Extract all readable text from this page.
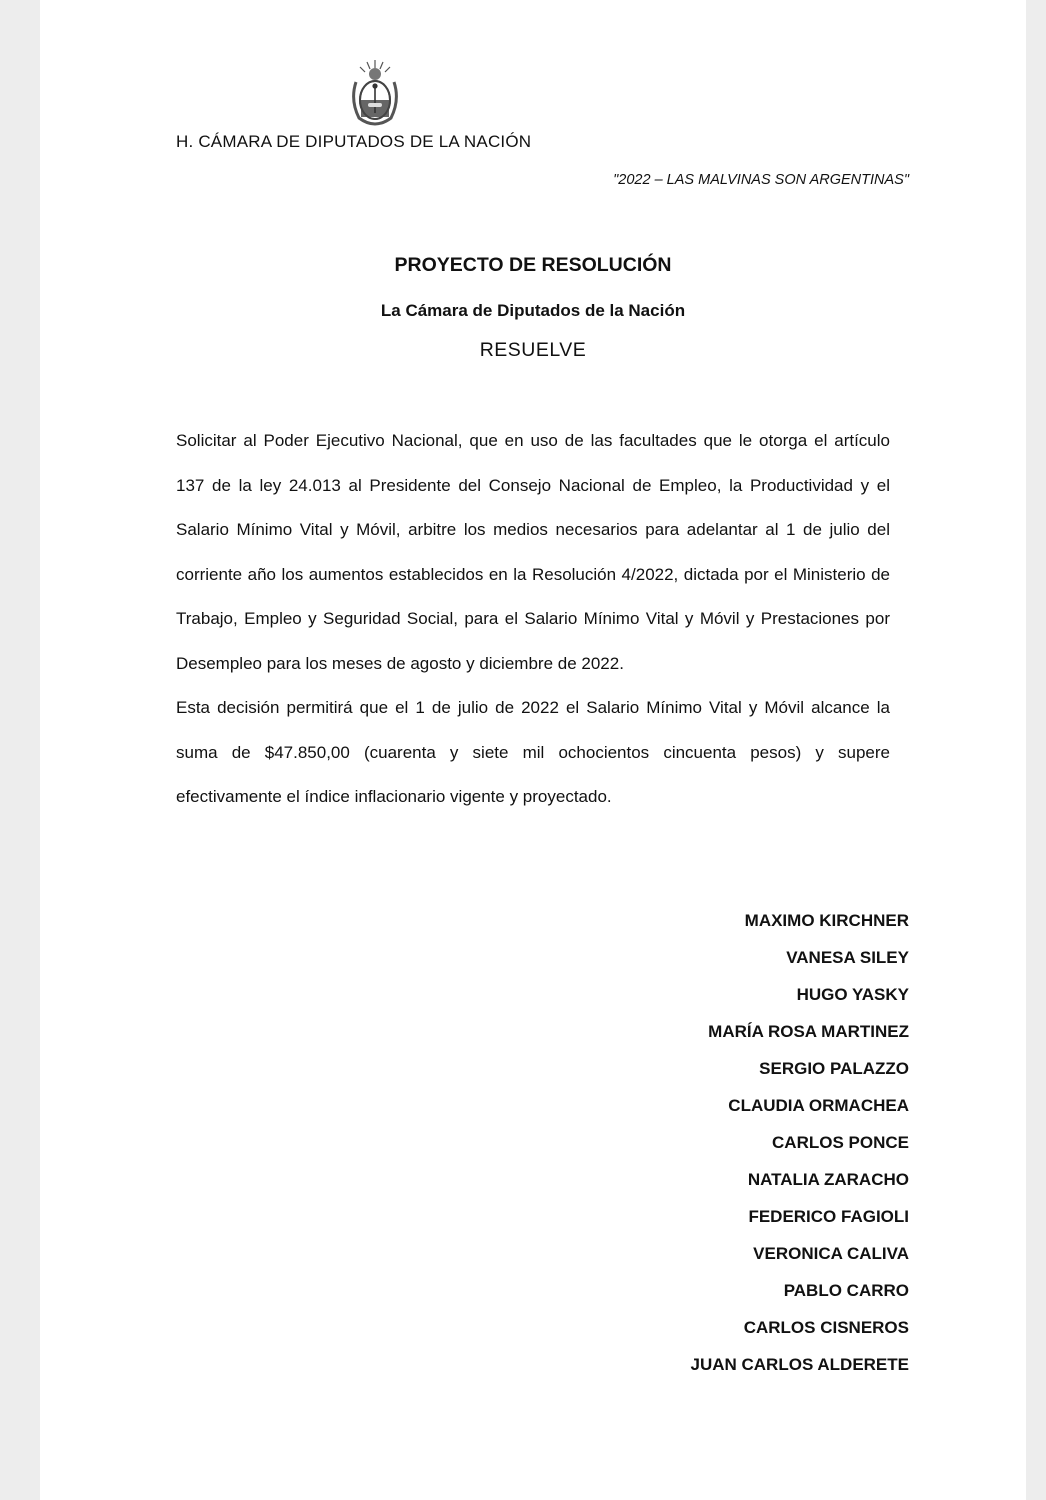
H. CÁMARA DE DIPUTADOS DE LA NACIÓN
"2022 – LAS MALVINAS SON ARGENTINAS"
PROYECTO DE RESOLUCIÓN
La Cámara de Diputados de la Nación
RESUELVE

Solicitar al Poder Ejecutivo Nacional, que en uso de las facultades que le otorga el artículo 137 de la ley 24.013 al Presidente del Consejo Nacional de Empleo, la Productividad y el Salario Mínimo Vital y Móvil, arbitre los medios necesarios para adelantar al 1 de julio del corriente año los aumentos establecidos en la Resolución 4/2022, dictada por el Ministerio de Trabajo, Empleo y Seguridad Social, para el Salario Mínimo Vital y Móvil y Prestaciones por Desempleo para los meses de agosto y diciembre de 2022.

Esta decisión permitirá que el 1 de julio de 2022 el Salario Mínimo Vital y Móvil alcance la suma de $47.850,00 (cuarenta y siete mil ochocientos cincuenta pesos) y supere efectivamente el índice inflacionario vigente y proyectado.

MAXIMO KIRCHNER
VANESA SILEY
HUGO YASKY
MARÍA ROSA MARTINEZ
SERGIO PALAZZO
CLAUDIA ORMACHEA
CARLOS PONCE
NATALIA ZARACHO
FEDERICO FAGIOLI
VERONICA CALIVA
PABLO CARRO
CARLOS CISNEROS
JUAN CARLOS ALDERETE
